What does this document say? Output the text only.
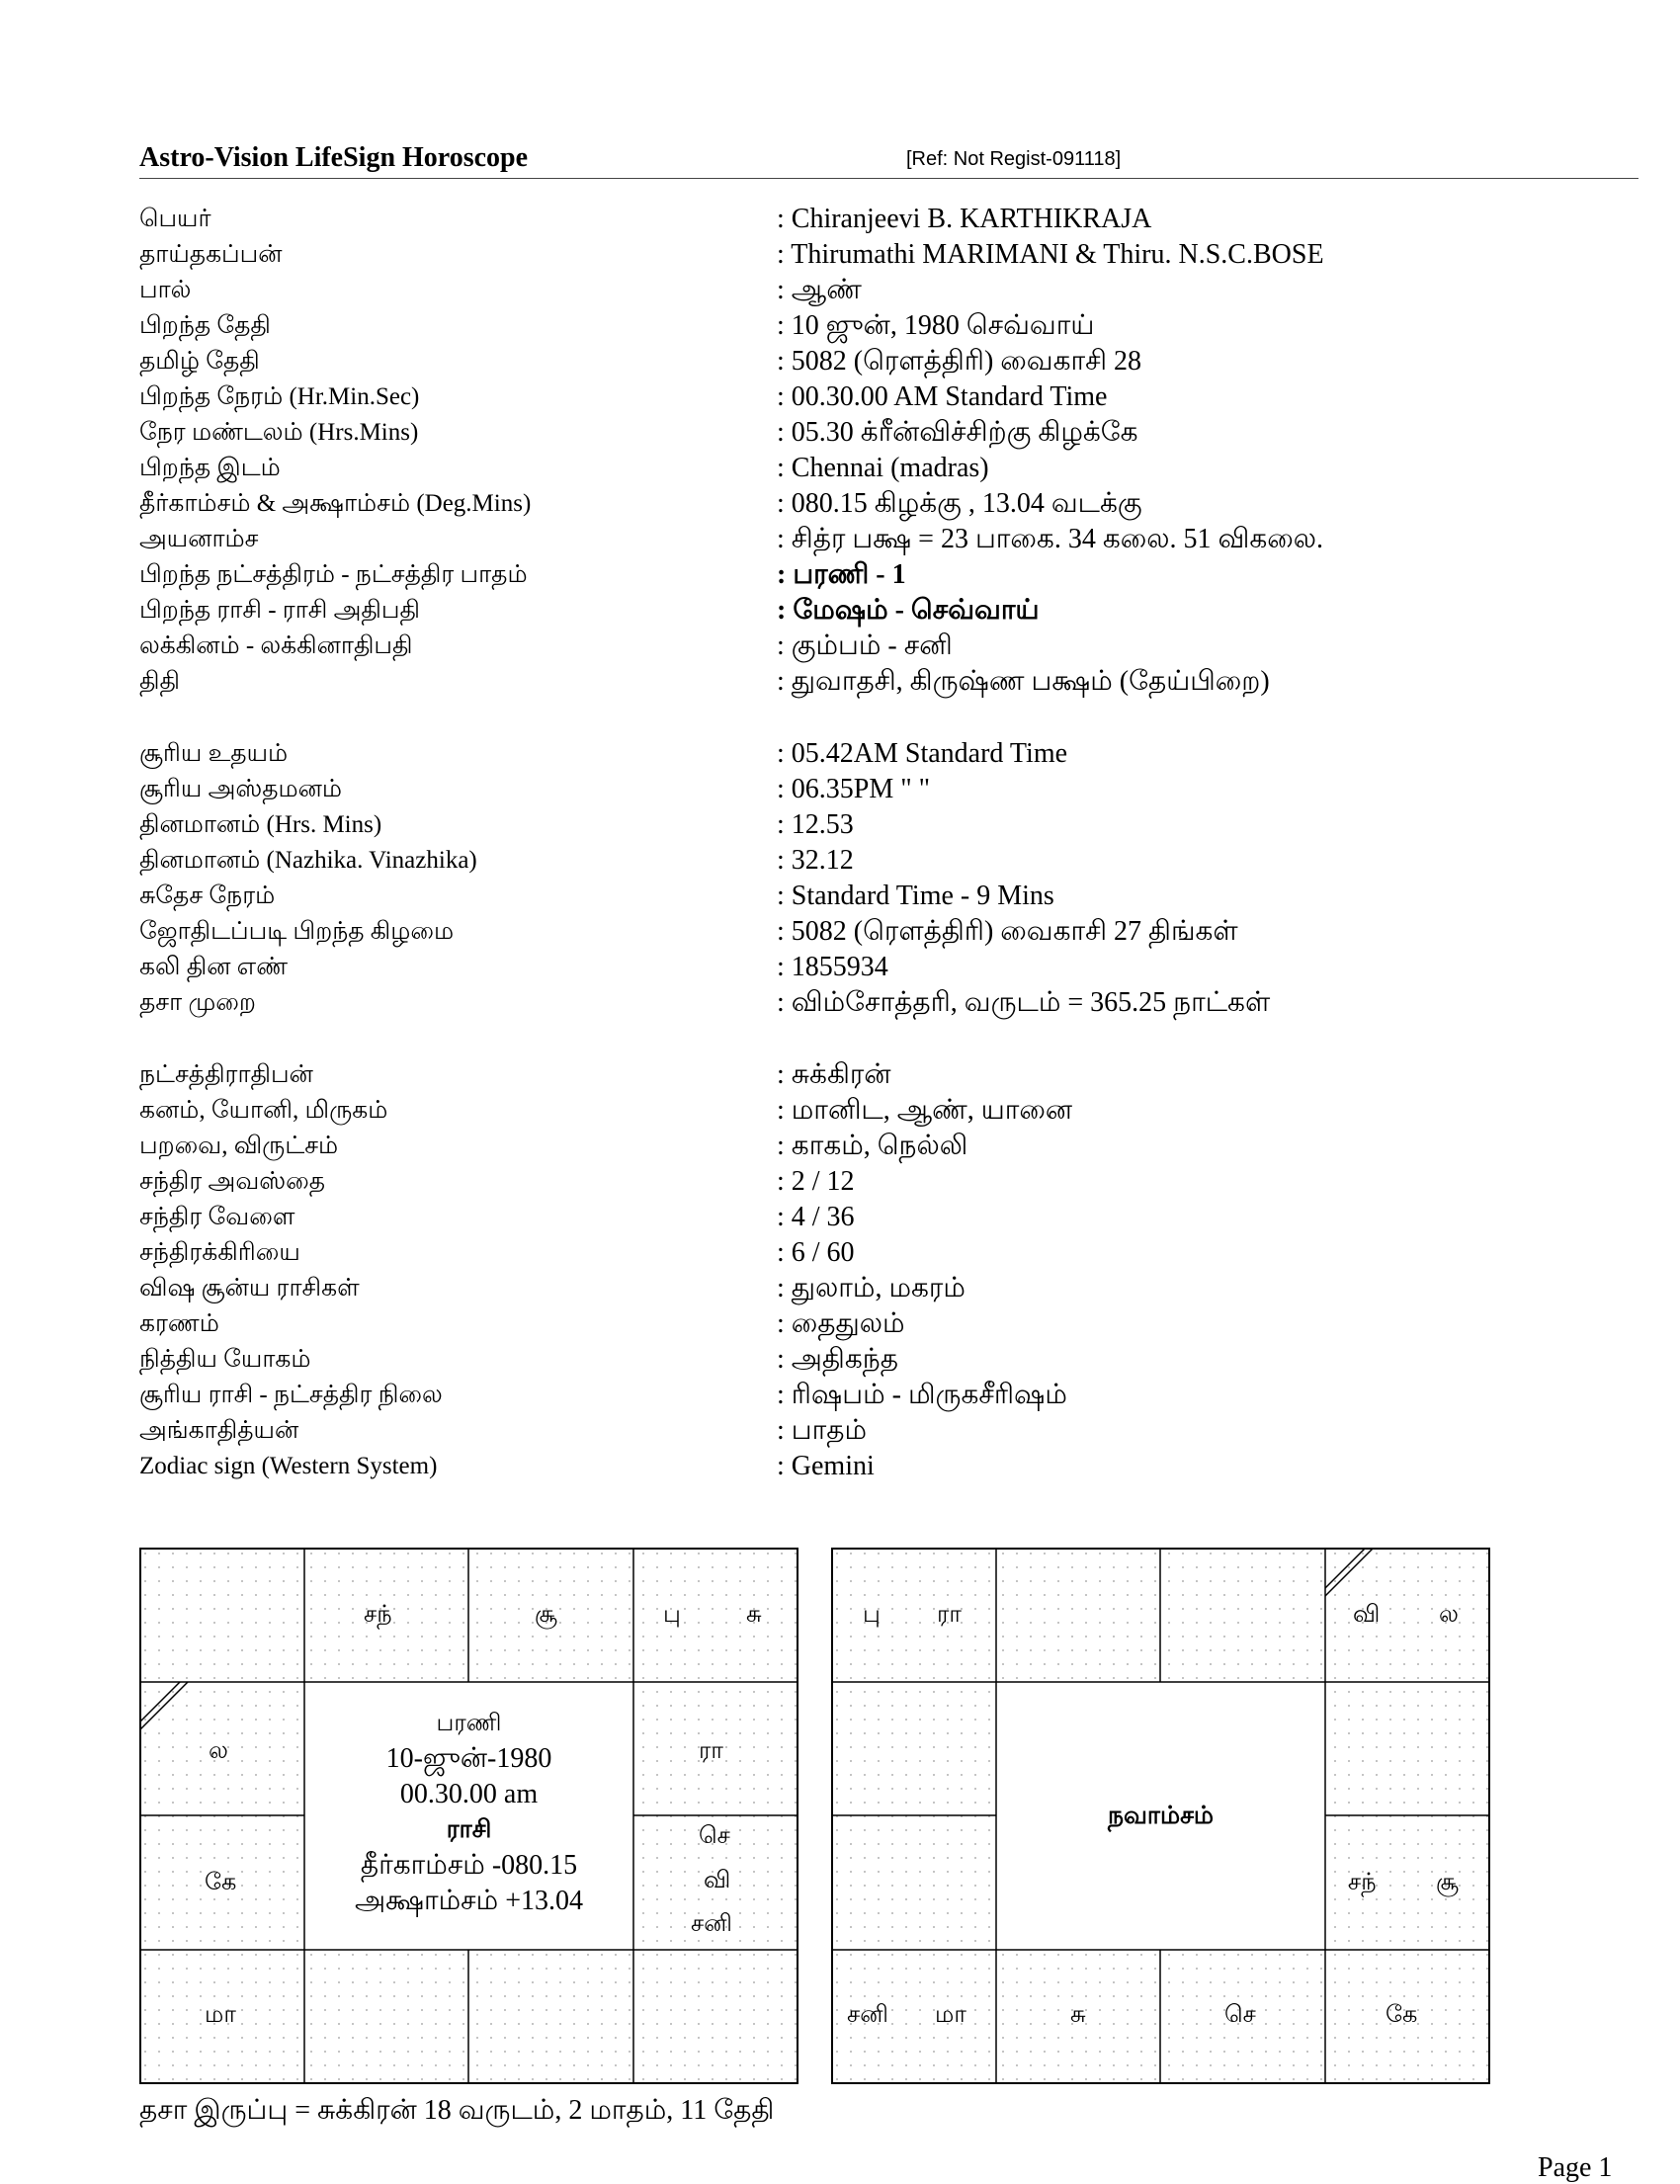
Astro-Vision LifeSign Horoscope	[Ref: Not Regist-091118]
பெயர்	: Chiranjeevi B. KARTHIKRAJA
தாய்தகப்பன்	: Thirumathi MARIMANI & Thiru. N.S.C.BOSE
பால்	: ஆண்
பிறந்த தேதி	: 10 ஜுன், 1980 செவ்வாய்
தமிழ் தேதி	: 5082 (ரௌத்திரி) வைகாசி 28
பிறந்த நேரம் (Hr.Min.Sec)	: 00.30.00 AM Standard Time
நேர மண்டலம் (Hrs.Mins)	: 05.30 க்ரீன்விச்சிற்கு கிழக்கே
பிறந்த இடம்	: Chennai (madras)
தீர்காம்சம் & அக்ஷாம்சம் (Deg.Mins)	: 080.15 கிழக்கு , 13.04 வடக்கு
அயனாம்ச	: சித்ர பக்ஷ = 23 பாகை. 34 கலை. 51 விகலை.
பிறந்த நட்சத்திரம் - நட்சத்திர பாதம்	: பரணி - 1
பிறந்த ராசி - ராசி அதிபதி	: மேஷம் - செவ்வாய்
லக்கினம் - லக்கினாதிபதி	: கும்பம் - சனி
திதி	: துவாதசி, கிருஷ்ண பக்ஷம் (தேய்பிறை)
சூரிய உதயம்	: 05.42AM Standard Time
சூரிய அஸ்தமனம்	: 06.35PM " "
தினமானம் (Hrs. Mins)	: 12.53
தினமானம் (Nazhika. Vinazhika)	: 32.12
சுதேச நேரம்	: Standard Time - 9 Mins
ஜோதிடப்படி பிறந்த கிழமை	: 5082 (ரௌத்திரி) வைகாசி 27 திங்கள்
கலி தின எண்	: 1855934
தசா முறை	: விம்சோத்தரி, வருடம் = 365.25 நாட்கள்
நட்சத்திராதிபன்	: சுக்கிரன்
கனம், யோனி, மிருகம்	: மானிட, ஆண், யானை
பறவை, விருட்சம்	: காகம், நெல்லி
சந்திர அவஸ்தை	: 2 / 12
சந்திர வேளை	: 4 / 36
சந்திரக்கிரியை	: 6 / 60
விஷ சூன்ய ராசிகள்	: துலாம், மகரம்
கரணம்	: தைதுலம்
நித்திய யோகம்	: அதிகந்த
சூரிய ராசி - நட்சத்திர நிலை	: ரிஷபம் - மிருகசீரிஷம்
அங்காதித்யன்	: பாதம்
Zodiac sign (Western System)	: Gemini
சந்	சூ	பு	சு
ல	ரா
கே
செ
வி
சனி
மா
பரணி
10-ஜுன்-1980
00.30.00 am
ராசி
தீர்காம்சம் -080.15
அக்ஷாம்சம் +13.04
பு ரா	வி ல
சந்	சூ
சனி மா	சு	செ	கே
நவாம்சம்
தசா இருப்பு = சுக்கிரன் 18 வருடம், 2 மாதம், 11 தேதி
Page 1
